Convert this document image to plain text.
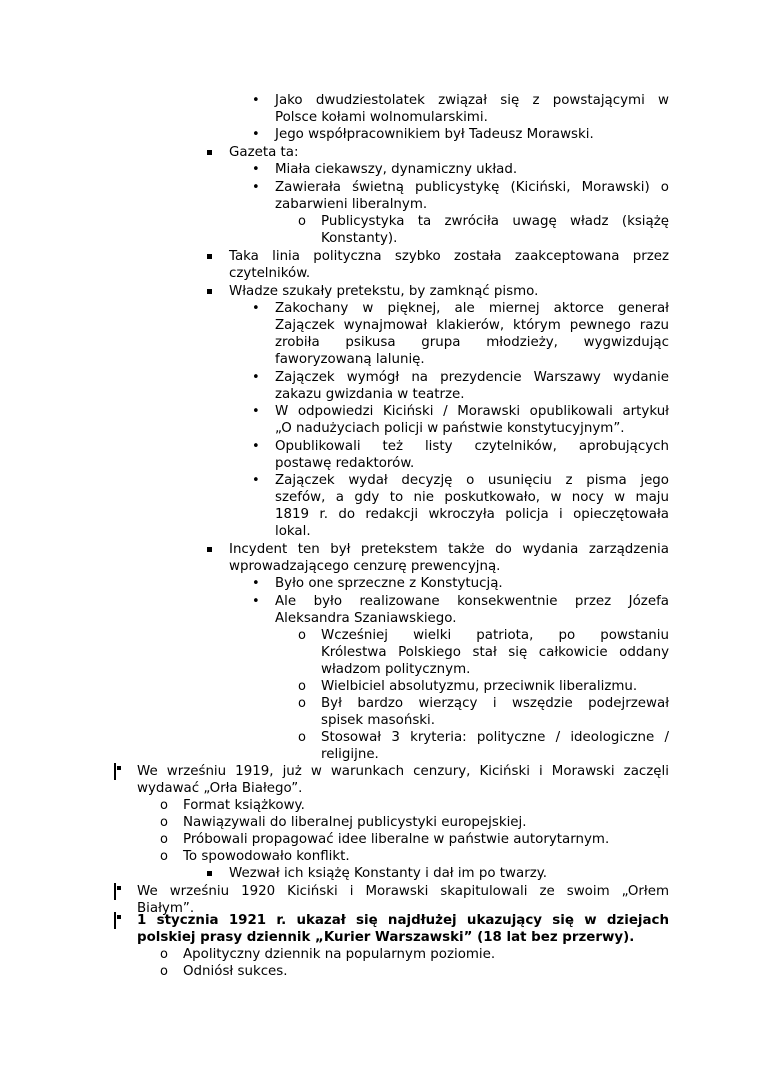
•
Jako dwudziestolatek związał się z powstającymi w
Polsce kołami wolnomularskimi.
•
Jego współpracownikiem był Tadeusz Morawski.
Gazeta ta:
•
Miała ciekawszy, dynamiczny układ.
•
Zawierała świetną publicystykę (Kiciński, Morawski) o
zabarwieni liberalnym.
o Publicystyka ta zwróciła uwagę władz (książę
Konstanty).
Taka linia polityczna szybko została zaakceptowana przez
czytelników.
Władze szukały pretekstu, by zamknąć pismo.
•
Zakochany w pięknej, ale miernej aktorce generał
Zajączek wynajmował klakierów, którym pewnego razu
zrobiła psikusa grupa młodzieży, wygwizdując
faworyzowaną lalunię.
•
Zajączek wymógł na prezydencie Warszawy wydanie
zakazu gwizdania w teatrze.
•
W odpowiedzi Kiciński / Morawski opublikowali artykuł
„O nadużyciach policji w państwie konstytucyjnym”.
•
Opublikowali też listy czytelników, aprobujących
postawę redaktorów.
•
Zajączek wydał decyzję o usunięciu z pisma jego
szefów, a gdy to nie poskutkowało, w nocy w maju
1819 r. do redakcji wkroczyła policja i opieczętowała
lokal.
Incydent ten był pretekstem także do wydania zarządzenia
wprowadzającego cenzurę prewencyjną.
•
Było one sprzeczne z Konstytucją.
•
Ale było realizowane konsekwentnie przez Józefa
Aleksandra Szaniawskiego.
o Wcześniej wielki patriota, po powstaniu
Królestwa Polskiego stał się całkowicie oddany
władzom politycznym.
o Wielbiciel absolutyzmu, przeciwnik liberalizmu.
o Był bardzo wierzący i wszędzie podejrzewał
spisek masoński.
o Stosował 3 kryteria: polityczne / ideologiczne /
religijne.
We wrześniu 1919, już w warunkach cenzury, Kiciński i Morawski zaczęli
wydawać „Orła Białego”.
o Format książkowy.
o Nawiązywali do liberalnej publicystyki europejskiej.
o Próbowali propagować idee liberalne w państwie autorytarnym.
o To spowodowało konflikt.
Wezwał ich książę Konstanty i dał im po twarzy.
We wrześniu 1920 Kiciński i Morawski skapitulowali ze swoim „Orłem
Białym”.
1 stycznia 1921 r. ukazał się najdłużej ukazujący się w dziejach
polskiej prasy dziennik „Kurier Warszawski” (18 lat bez przerwy).
o Apolityczny dziennik na popularnym poziomie.
o Odniósł sukces.
